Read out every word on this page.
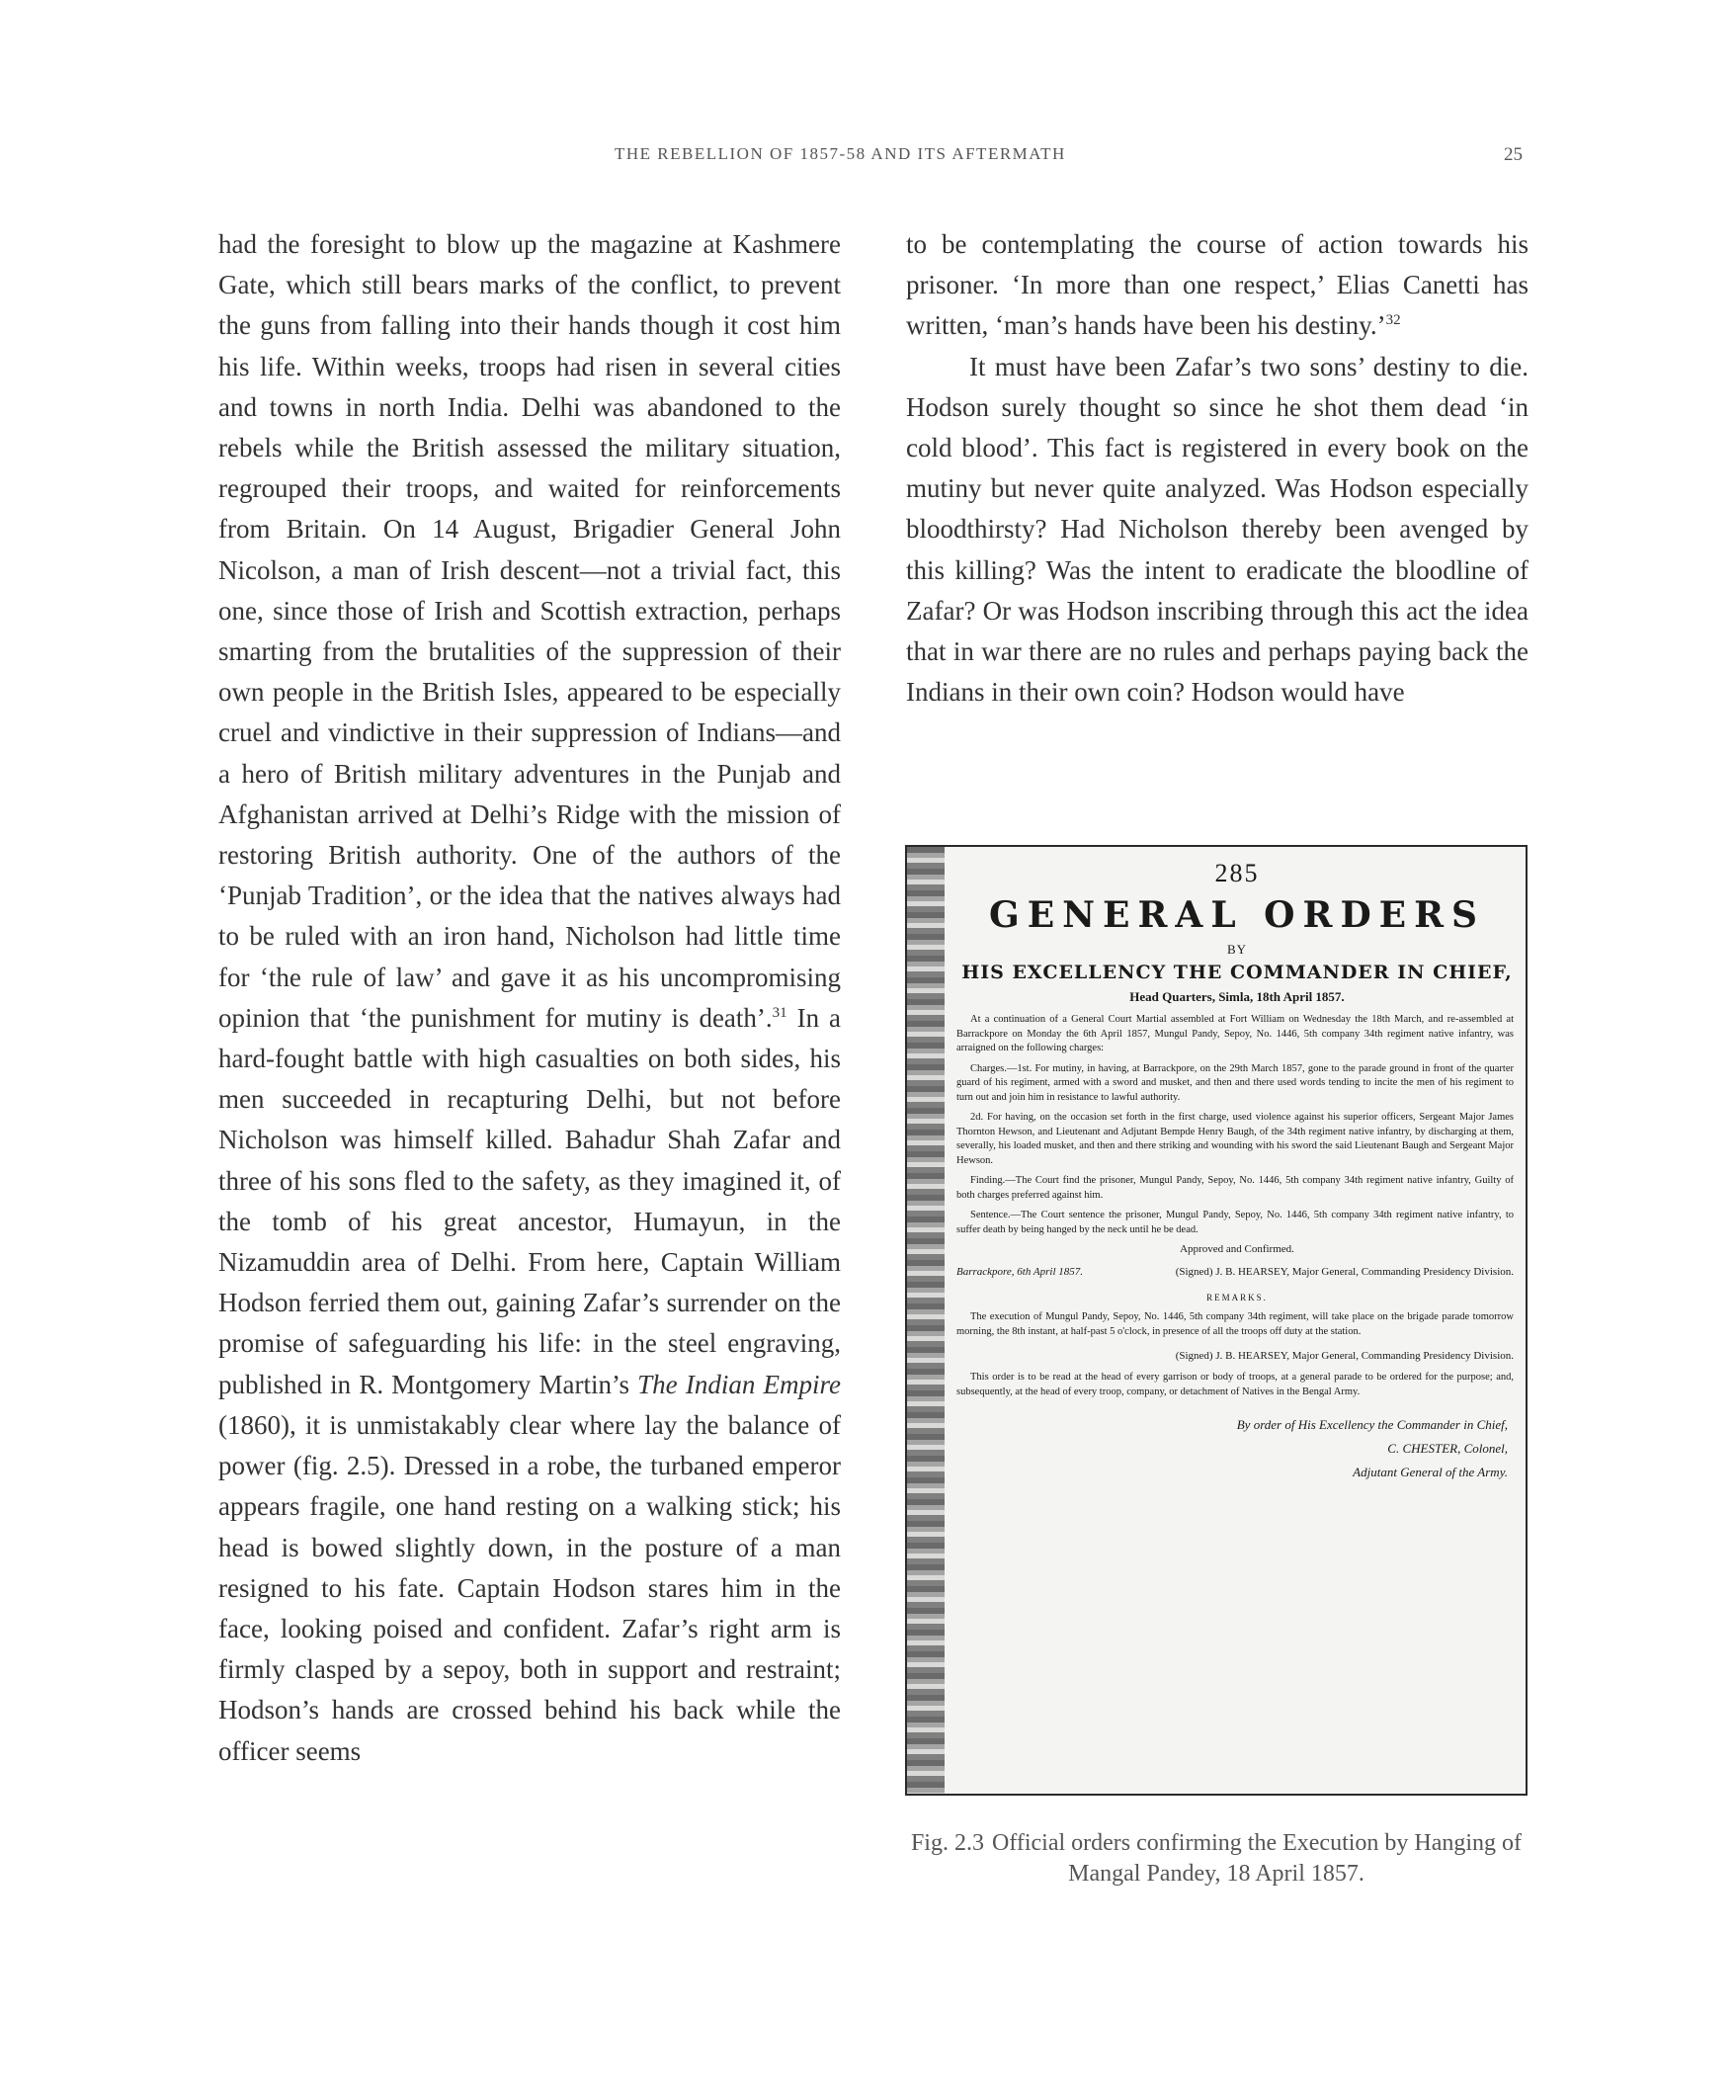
THE REBELLION OF 1857-58 AND ITS AFTERMATH	25

had the foresight to blow up the magazine at Kashmere Gate, which still bears marks of the conflict, to prevent the guns from falling into their hands though it cost him his life. Within weeks, troops had risen in several cities and towns in north India. Delhi was abandoned to the rebels while the British assessed the military situation, regrouped their troops, and waited for reinforcements from Britain. On 14 August, Brigadier General John Nicolson, a man of Irish descent—not a trivial fact, this one, since those of Irish and Scottish extraction, perhaps smarting from the brutalities of the suppression of their own people in the British Isles, appeared to be especially cruel and vindictive in their suppression of Indians—and a hero of British military adventures in the Punjab and Afghanistan arrived at Delhi’s Ridge with the mission of restoring British authority. One of the authors of the ‘Punjab Tradition’, or the idea that the natives always had to be ruled with an iron hand, Nicholson had little time for ‘the rule of law’ and gave it as his uncompromising opinion that ‘the punishment for mutiny is death’.$^{31}$ In a hard-fought battle with high casualties on both sides, his men succeeded in recapturing Delhi, but not before Nicholson was himself killed. Bahadur Shah Zafar and three of his sons fled to the safety, as they imagined it, of the tomb of his great ancestor, Humayun, in the Nizamuddin area of Delhi. From here, Captain William Hodson ferried them out, gaining Zafar’s surrender on the promise of safeguarding his life: in the steel engraving, published in R. Montgomery Martin’s The Indian Empire (1860), it is unmistakably clear where lay the balance of power (fig. 2.5). Dressed in a robe, the turbaned emperor appears fragile, one hand resting on a walking stick; his head is bowed slightly down, in the posture of a man resigned to his fate. Captain Hodson stares him in the face, looking poised and confident. Zafar’s right arm is firmly clasped by a sepoy, both in support and restraint; Hodson’s hands are crossed behind his back while the officer seems

to be contemplating the course of action towards his prisoner. ‘In more than one respect,’ Elias Canetti has written, ‘man’s hands have been his destiny.’$^{32}$

It must have been Zafar’s two sons’ destiny to die. Hodson surely thought so since he shot them dead ‘in cold blood’. This fact is registered in every book on the mutiny but never quite analyzed. Was Hodson especially bloodthirsty? Had Nicholson thereby been avenged by this killing? Was the intent to eradicate the bloodline of Zafar? Or was Hodson inscribing through this act the idea that in war there are no rules and perhaps paying back the Indians in their own coin? Hodson would have

285
GENERAL ORDERS
BY
HIS EXCELLENCY THE COMMANDER IN CHIEF,
Head Quarters, Simla, 18th April 1857.

At a continuation of a General Court Martial assembled at Fort William on Wednesday the 18th March, and re-assembled at Barrackpore on Monday the 6th April 1857, Mungul Pandy, Sepoy, No. 1446, 5th company 34th regiment native infantry, was arraigned on the following charges:

Charges.—1st. For mutiny, in having, at Barrackpore, on the 29th March 1857, gone to the parade ground in front of the quarter guard of his regiment, armed with a sword and musket, and then and there used words tending to incite the men of his regiment to turn out and join him in resistance to lawful authority.

2d. For having, on the occasion set forth in the first charge, used violence against his superior officers, Sergeant Major James Thornton Hewson, and Lieutenant and Adjutant Bempde Henry Baugh, of the 34th regiment native infantry, by discharging at them, severally, his loaded musket, and then and there striking and wounding with his sword the said Lieutenant Baugh and Sergeant Major Hewson.

Finding.—The Court find the prisoner, Mungul Pandy, Sepoy, No. 1446, 5th company 34th regiment native infantry, Guilty of both charges preferred against him.

Sentence.—The Court sentence the prisoner, Mungul Pandy, Sepoy, No. 1446, 5th company 34th regiment native infantry, to suffer death by being hanged by the neck until he be dead.

Approved and Confirmed.
Barrackpore, 6th April 1857.	(Signed) J. B. HEARSEY, Major General, Commanding Presidency Division.
REMARKS.

The execution of Mungul Pandy, Sepoy, No. 1446, 5th company 34th regiment, will take place on the brigade parade tomorrow morning, the 8th instant, at half-past 5 o'clock, in presence of all the troops off duty at the station.

(Signed) J. B. HEARSEY, Major General, Commanding Presidency Division.

This order is to be read at the head of every garrison or body of troops, at a general parade to be ordered for the purpose; and, subsequently, at the head of every troop, company, or detachment of Natives in the Bengal Army.

By order of His Excellency the Commander in Chief,
C. CHESTER, Colonel,
Adjutant General of the Army.
Fig. 2.3 Official orders confirming the Execution by Hanging of Mangal Pandey, 18 April 1857.
